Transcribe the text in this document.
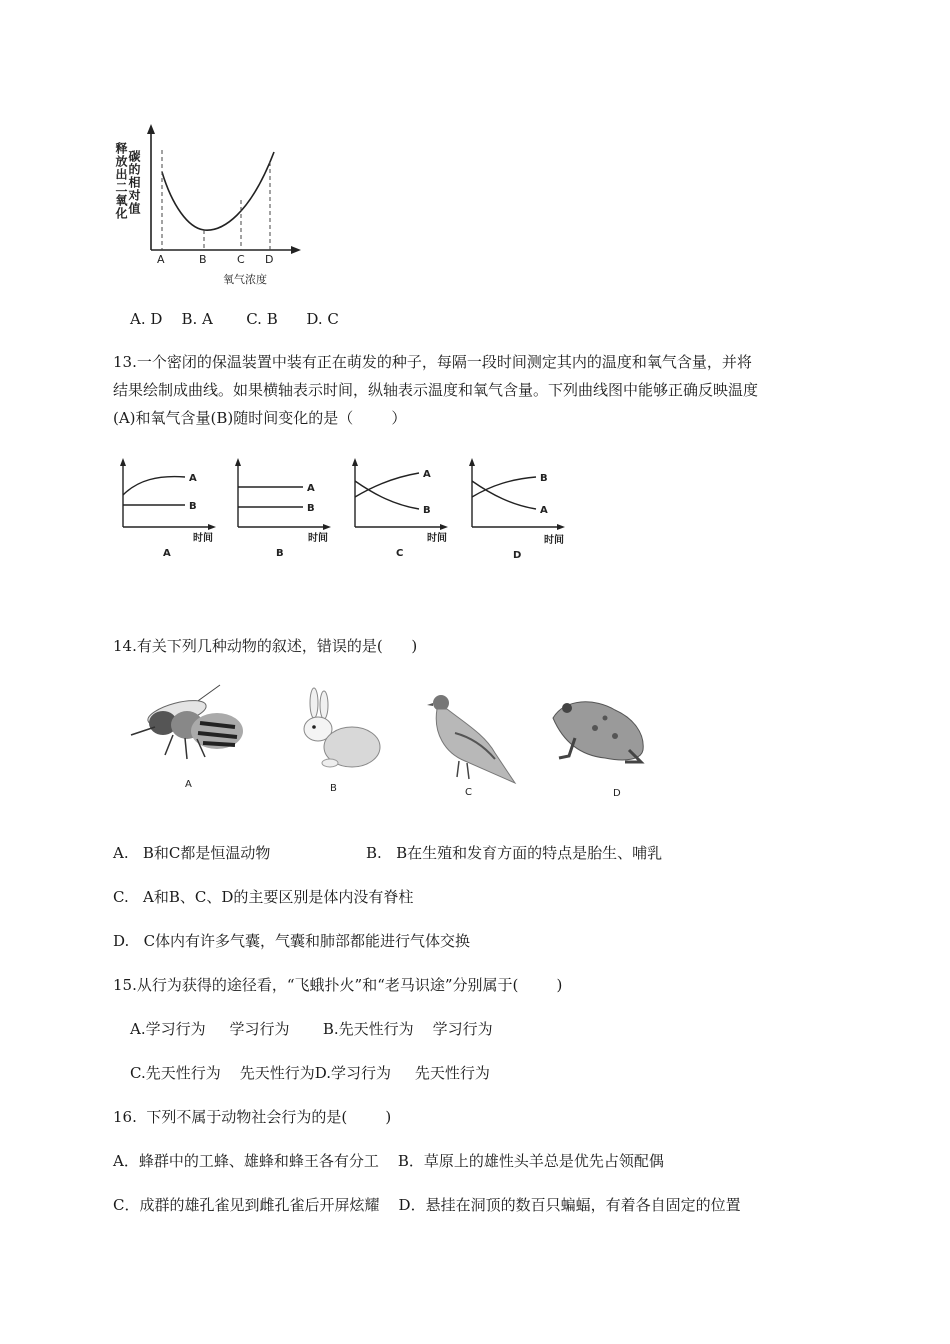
A	B	C D
氧气浓度
碳的相对值
释放出二氧化
A. D    B. A       C. B      D. C
13.一个密闭的保温装置中装有正在萌发的种子，每隔一段时间测定其内的温度和氧气含量，并将
结果绘制成曲线。如果横轴表示时间，纵轴表示温度和氧气含量。下列曲线图中能够正确反映温度
(A)和氧气含量(B)随时间变化的是（        ）
A
B
时间
A
A
B
时间
B
A
B
时间
C
B
A
时间
D
14.有关下列几种动物的叙述，错误的是(      )
A	B	C	D
A.   B和C都是恒温动物	B.   B在生殖和发育方面的特点是胎生、哺乳
C.   A和B、C、D的主要区别是体内没有脊柱
D.   C体内有许多气囊，气囊和肺部都能进行气体交换
15.从行为获得的途径看，“飞蛾扑火”和“老马识途”分别属于(        )
A.学习行为     学习行为       B.先天性行为    学习行为
C.先天性行为    先天性行为D.学习行为     先天性行为
16.  下列不属于动物社会行为的是(        )
A．蜂群中的工蜂、雄蜂和蜂王各有分工    B．草原上的雄性头羊总是优先占领配偶
C．成群的雄孔雀见到雌孔雀后开屏炫耀    D．悬挂在洞顶的数百只蝙蝠，有着各自固定的位置
